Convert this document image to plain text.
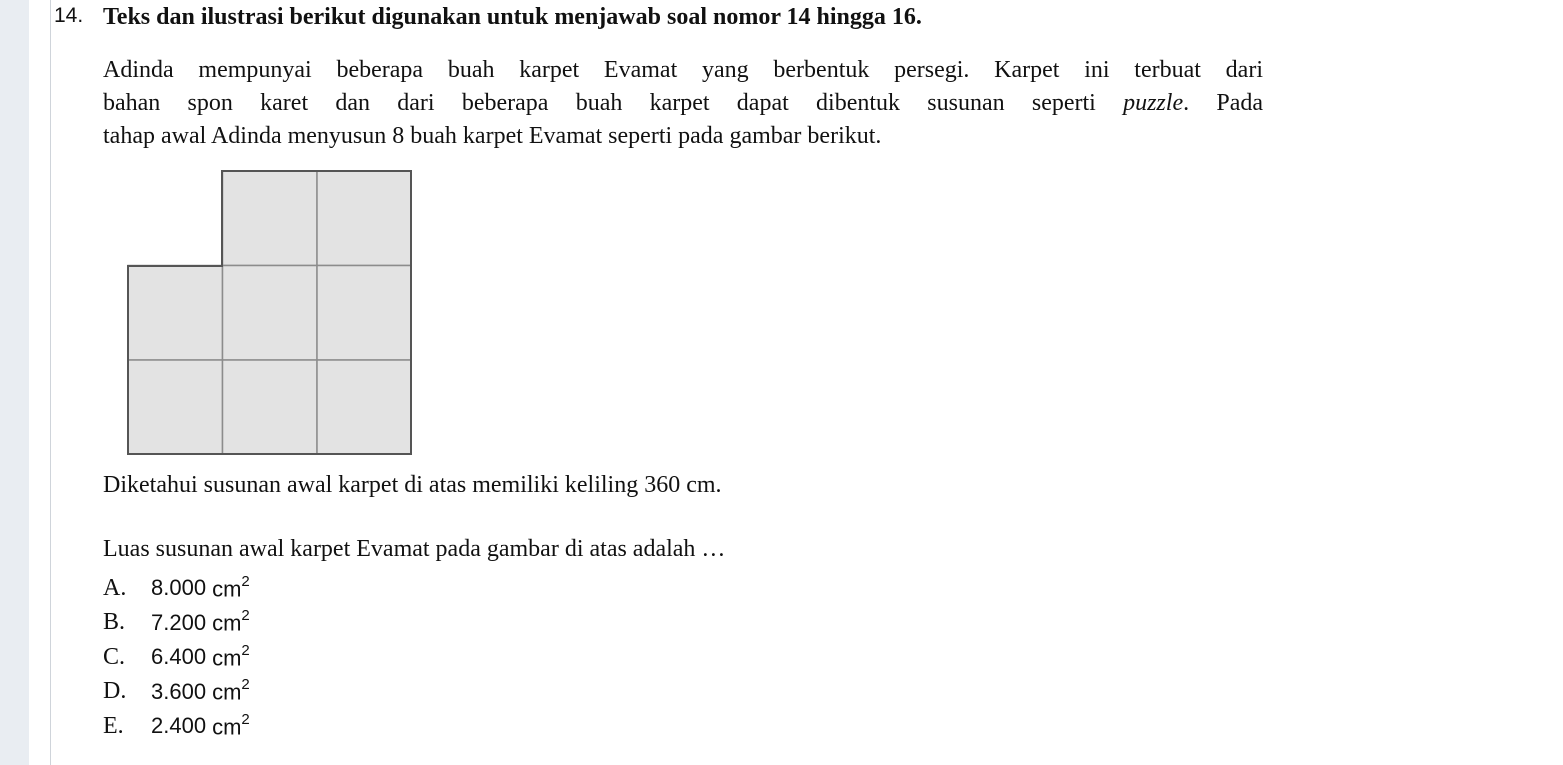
14. Teks dan ilustrasi berikut digunakan untuk menjawab soal nomor 14 hingga 16.
Adinda mempunyai beberapa buah karpet Evamat yang berbentuk persegi. Karpet ini terbuat dari
bahan spon karet dan dari beberapa buah karpet dapat dibentuk susunan seperti puzzle. Pada
tahap awal Adinda menyusun 8 buah karpet Evamat seperti pada gambar berikut.
Diketahui susunan awal karpet di atas memiliki keliling 360 cm.
Luas susunan awal karpet Evamat pada gambar di atas adalah …
A.	8.000 $cm^2$
B.	7.200 $cm^2$
C.	6.400 $cm^2$
D.	3.600 $cm^2$
E.	2.400 $cm^2$
